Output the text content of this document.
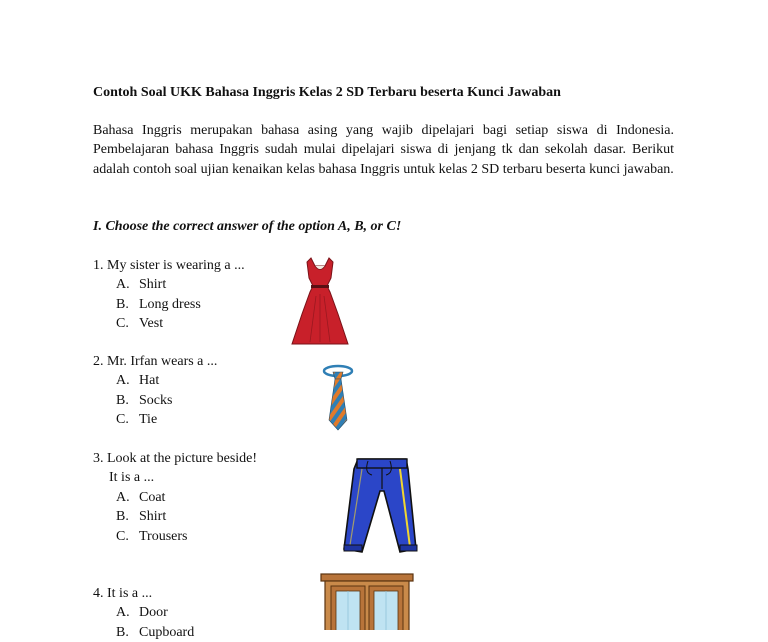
Contoh Soal UKK Bahasa Inggris Kelas 2 SD Terbaru beserta Kunci Jawaban
Bahasa Inggris merupakan bahasa asing yang wajib dipelajari bagi setiap siswa di Indonesia. Pembelajaran bahasa Inggris sudah mulai dipelajari siswa di jenjang tk dan sekolah dasar. Berikut adalah contoh soal ujian kenaikan kelas bahasa Inggris untuk kelas 2 SD terbaru beserta kunci jawaban.
I. Choose the correct answer of the option A, B, or C!
1. My sister is wearing a ...
A. Shirt
B. Long dress
C. Vest
2. Mr. Irfan wears a ...
A. Hat
B. Socks
C. Tie
3. Look at the picture beside!
It is a ...
A. Coat
B. Shirt
C. Trousers
4. It is a ...
A. Door
B. Cupboard
